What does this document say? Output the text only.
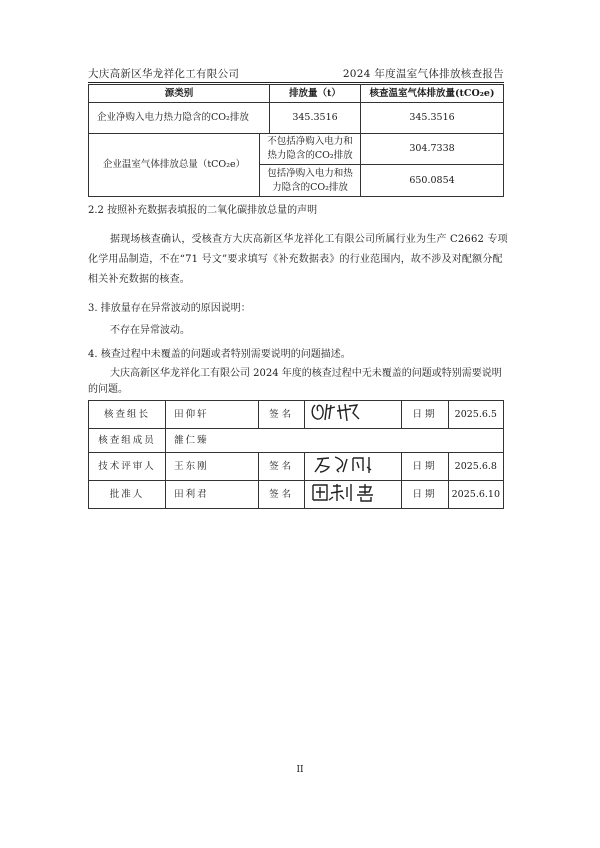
大庆高新区华龙祥化工有限公司	2024 年度温室气体排放核查报告
源类别		排放量（t）	核查温室气体排放量(tCO₂e)
企业净购入电力热力隐含的CO₂排放		345.3516	345.3516
企业温室气体排放总量（tCO₂e）	不包括净购入电力和热力隐含的CO₂排放		304.7338
	包括净购入电力和热力隐含的CO₂排放		650.0854
2.2 按照补充数据表填报的二氧化碳排放总量的声明
据现场核查确认，受核查方大庆高新区华龙祥化工有限公司所属行业为生产 C2662 专项化学用品制造，不在“71 号文”要求填写《补充数据表》的行业范围内，故不涉及对配额分配相关补充数据的核查。
3. 排放量存在异常波动的原因说明：
不存在异常波动。
4. 核查过程中未覆盖的问题或者特别需要说明的问题描述。
大庆高新区华龙祥化工有限公司 2024 年度的核查过程中无未覆盖的问题或特别需要说明的问题。
核查组长	田仰轩	签名		日期	2025.6.5
核查组成员	雒仁臻				
技术评审人	王东刚	签名		日期	2025.6.8
批准人	田利君	签名		日期	2025.6.10
II
